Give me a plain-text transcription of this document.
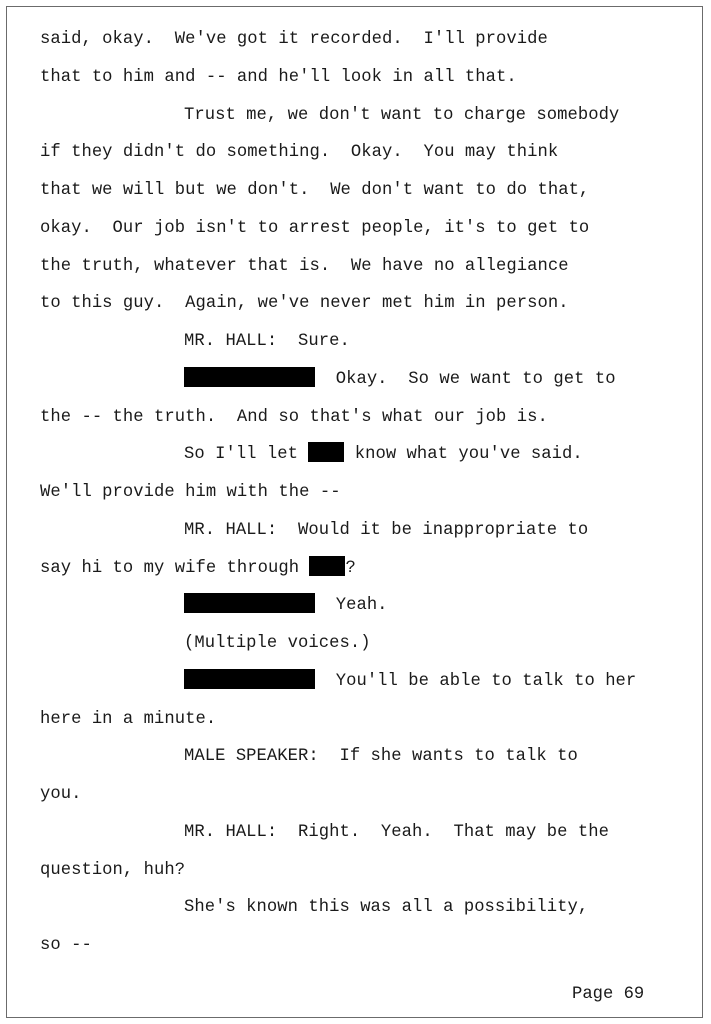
said, okay.  We've got it recorded.  I'll provide
that to him and -- and he'll look in all that.
Trust me, we don't want to charge somebody
if they didn't do something.  Okay.  You may think
that we will but we don't.  We don't want to do that,
okay.  Our job isn't to arrest people, it's to get to
the truth, whatever that is.  We have no allegiance
to this guy.  Again, we've never met him in person.
MR. HALL:  Sure.
Okay.  So we want to get to
the -- the truth.  And so that's what our job is.
So I'll let  know what you've said.
We'll provide him with the --
MR. HALL:  Would it be inappropriate to
say hi to my wife through ?
Yeah.
(Multiple voices.)
You'll be able to talk to her
here in a minute.
MALE SPEAKER:  If she wants to talk to
you.
MR. HALL:  Right.  Yeah.  That may be the
question, huh?
She's known this was all a possibility,
so --
Page 69
